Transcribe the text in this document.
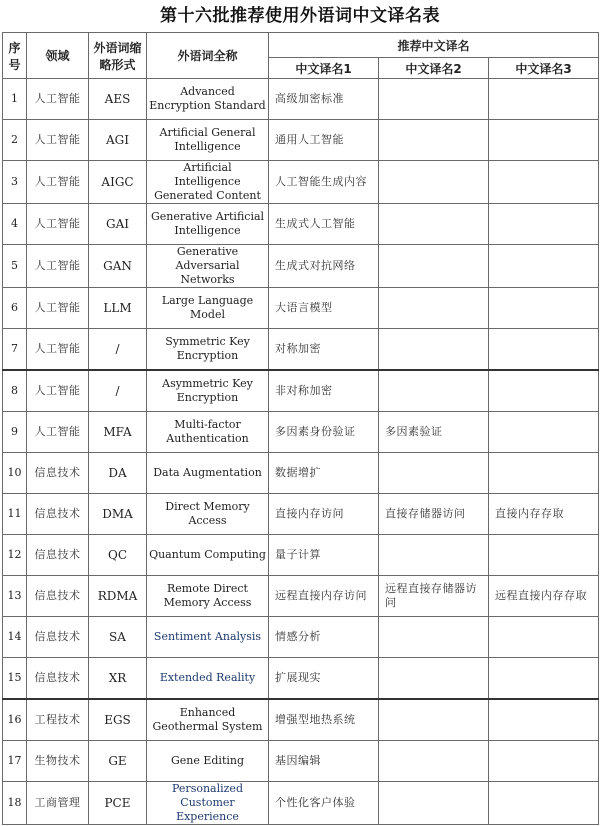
第十六批推荐使用外语词中文译名表
序号	领域	外语词缩略形式	外语词全称	推荐中文译名		
				中文译名1	中文译名2	中文译名3
1	人工智能	AES	Advanced Encryption Standard	高级加密标准		
2	人工智能	AGI	Artificial General Intelligence	通用人工智能		
3	人工智能	AIGC	Artificial Intelligence Generated Content	人工智能生成内容		
4	人工智能	GAI	Generative Artificial Intelligence	生成式人工智能		
5	人工智能	GAN	Generative Adversarial Networks	生成式对抗网络		
6	人工智能	LLM	Large Language Model	大语言模型		
7	人工智能	/	Symmetric Key Encryption	对称加密		
8	人工智能	/	Asymmetric Key Encryption	非对称加密		
9	人工智能	MFA	Multi-factor Authentication	多因素身份验证	多因素验证	
10	信息技术	DA	Data Augmentation	数据增扩		
11	信息技术	DMA	Direct Memory Access	直接内存访问	直接存储器访问	直接内存存取
12	信息技术	QC	Quantum Computing	量子计算		
13	信息技术	RDMA	Remote Direct Memory Access	远程直接内存访问	远程直接存储器访问	远程直接内存存取
14	信息技术	SA	Sentiment Analysis	情感分析		
15	信息技术	XR	Extended Reality	扩展现实		
16	工程技术	EGS	Enhanced Geothermal System	增强型地热系统		
17	生物技术	GE	Gene Editing	基因编辑		
18	工商管理	PCE	Personalized Customer Experience	个性化客户体验		
